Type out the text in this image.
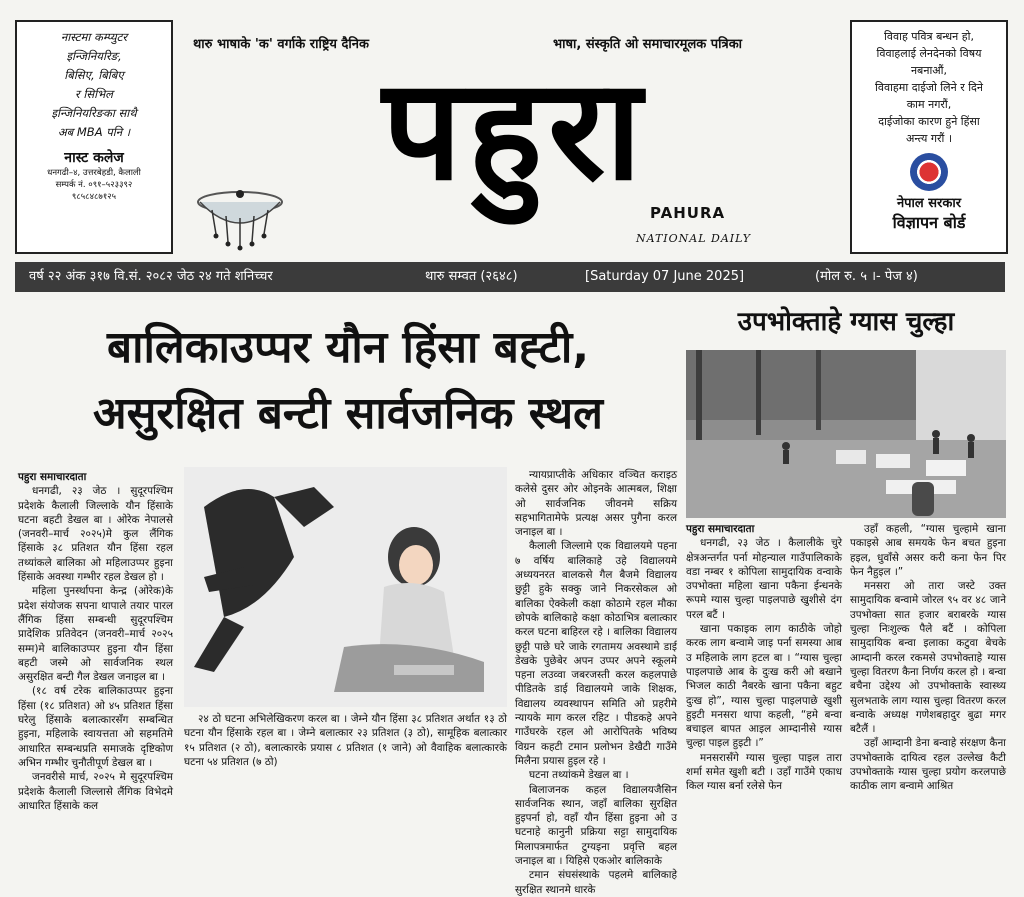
नास्टमा कम्प्युटर
इन्जिनियरिङ,
बिसिए, बिबिए
र सिभिल
इन्जिनियरिङका साथै
अब MBA पनि ।
नास्ट कलेज
धनगढी–४, उत्तरबेहडी, कैलाली
सम्पर्क नं. ०९१–५२३३९२
९८५८४८७१२५
विवाह पवित्र बन्धन हो,
विवाहलाई लेनदेनको विषय
नबनाऔं,
विवाहमा दाईजो लिने र दिने
काम नगरौं,
दाईजोका कारण हुने हिंसा
अन्त्य गरौं ।
नेपाल सरकार
विज्ञापन बोर्ड
थारु भाषाके 'क' वर्गाके राष्ट्रिय दैनिक	भाषा, संस्कृति ओ समाचारमूलक पत्रिका
पहुरा
PAHURA
NATIONAL DAILY
वर्ष २२ अंक ३१७ वि.सं. २०८२ जेठ २४ गते शनिच्चर	थारु सम्वत (२६४८)	[Saturday 07 June 2025]	(मोल रु. ५ ।- पेज ४)
बालिकाउप्पर यौन हिंसा बह्टी,
असुरक्षित बन्टी सार्वजनिक स्थल
उपभोक्ताहे ग्यास चुल्हा

पहुरा समाचारदाता

धनगढी, २३ जेठ । सुदूरपश्चिम प्रदेशके कैलाली जिल्लाके यौन हिंसाके घटना बहटी डेखल बा । ओरेक नेपालसे (जनवरी–मार्च २०२५)मे कुल लैंगिक हिंसाके ३८ प्रतिशत यौन हिंसा रहल तथ्यांकले बालिका ओ महिलाउप्पर हुइना हिंसाके अवस्था गम्भीर रहल डेखल हो ।

महिला पुनर्स्थापना केन्द्र (ओरेक)के प्रदेश संयोजक सपना थापाले तयार पारल लैंगिक हिंसा सम्बन्धी सुदूरपश्चिम प्रादेशिक प्रतिवेदन (जनवरी–मार्च २०२५ सम्म)मे बालिकाउप्पर हुइना यौन हिंसा बहटी जस्मे ओ सार्वजनिक स्थल असुरक्षित बन्टी गैल डेखल जनाइल बा ।

(१८ वर्ष टरेक बालिकाउप्पर हुइना हिंसा (१८ प्रतिशत) ओ ४५ प्रतिशत हिंसा घरेलु हिंसाके बलात्कारसँग सम्बन्धित हुइना, महिलाके स्वायत्तता ओ सहमतिमे आधारित सम्बन्धप्रति समाजके दृष्टिकोण अभिन गम्भीर चुनौतीपूर्ण डेखल बा ।

जनवरीसे मार्च, २०२५ मे सुदूरपश्चिम प्रदेशके कैलाली जिल्लासे लैंगिक विभेदमे आधारित हिंसाके कल

२४ ठो घटना अभिलेखिकरण करल बा । जेम्ने यौन हिंसा ३८ प्रतिशत अर्थात १३ ठो घटना यौन हिंसाके रहल बा । जेम्ने बलात्कार २३ प्रतिशत (३ ठो), सामूहिक बलात्कार १५ प्रतिशत (२ ठो), बलात्कारके प्रयास ८ प्रतिशत (१ जाने) ओ वैवाहिक बलात्कारके घटना ५४ प्रतिशत (७ ठो)

न्यायप्राप्तीके अधिकार वञ्चित कराइठ कलेसे दुसर ओर ओइनके आत्मबल, शिक्षा ओ सार्वजनिक जीवनमे सक्रिय सहभागितामेफे प्रत्यक्ष असर पुगैना करल जनाइल बा ।

कैलाली जिल्लामे एक विद्यालयमे पहना ७ वर्षिय बालिकाहे उहे विद्यालयमे अध्ययनरत बालकसे गैल बैजमे विद्यालय छुट्टी हुके सक्कु जाने निकरसेकल ओ बालिका ऐक्केली कक्षा कोठामे रहल मौका छोपके बालिकाहे कक्षा कोठाभित्र बलात्कार करल घटना बाहिरल रहे । बालिका विद्यालय छुट्टी पाछे घरे जाके रगतामय अवस्थामे डाई डेखके पुछेबेर अपन उप्पर अपने स्कूलमे पहना लउव्वा जबरजस्ती करल कहलपाछे पीडितके डाई विद्यालयमे जाके शिक्षक, विद्यालय व्यवस्थापन समिति ओ प्रहरीमे न्यायके माग करल रहिट । पीडकहे अपने गाउँघरके रहल ओ आरोपितके भविष्य विग्रन कहटी टमान प्रलोभन डेखैटी गाउँमे मिलैना प्रयास हुइल रहे ।

घटना तथ्यांकमे डेखल बा ।

बिलाजनक कहल विद्यालयजैसिन सार्वजनिक स्थान, जहाँ बालिका सुरक्षित हुइपर्ना हो, वहाँ यौन हिंसा हुइना ओ उ घटनाहे कानुनी प्रक्रिया सट्टा सामुदायिक मिलापत्रमार्फत टुग्यइना प्रवृत्ति बहल जनाइल बा । यिहिसे एकओर बालिकाके

टमान संघसंस्थाके पहलमे बालिकाहे सुरक्षित स्थानमे धारके

पहुरा समाचारदाता

धनगढी, २३ जेठ । कैलालीके चुरे क्षेत्रअन्तर्गत पर्ना मोहन्याल गाउँपालिकाके वडा नम्बर १ कोपिला सामुदायिक वन्वाके उपभोक्ता महिला खाना पकैना ईन्धनके रूपमे ग्यास चुल्हा पाइलपाछे खुशीसे दंग परल बटैं ।

खाना पकाइक लाग काठीके जोहो करक लाग बन्वामे जाइ पर्ना समस्या आब उ महिलाके लाग हटल बा । “ग्यास चुल्हा पाइलपाछे आब के दुःख करी ओ बखाने भिजल काठी नैबरके खाना पकैना बहुट दुःख हो”, ग्यास चुल्हा पाइलपाछे खुशी हुइटी मनसरा थापा कहली, “हमे बन्वा बचाइल बापत आइल आम्दानीसे ग्यास चुल्हा पाइल हुइटी ।”

मनसरासँगे ग्यास चुल्हा पाइल तारा शर्मा समेत खुशी बटी । उहाँ गाउँमे एकाध किल ग्यास बर्ना रलेसे फेन

उहाँ कहली, “ग्यास चुल्हामे खाना पकाइसे आब समयके फेन बचत हुइना हइल, धुवाँसे असर करी कना फेन पिर फेन नैहुइल ।”

मनसरा ओ तारा जस्टे उक्त सामुदायिक बन्वामे जोरल ९५ वर ४८ जाने उपभोक्ता सात हजार बराबरके ग्यास चुल्हा निःशुल्क पैले बटैं । कोपिला सामुदायिक बन्वा इलाका कटुवा बेचके आम्दानी करल रकमसे उपभोक्ताहे ग्यास चुल्हा वितरण कैना निर्णय करल हो । बन्वा बचैना उद्देश्य ओ उपभोक्ताके स्वास्थ्य सुलभताके लाग ग्यास चुल्हा वितरण करल बन्वाके अध्यक्ष गणेशबहादुर बुढा मगर बटैलैं ।

उहाँ आम्दानी डेना बन्वाहे संरक्षण कैना उपभोक्ताके दायित्व रहल उल्लेख कैटी उपभोक्ताके ग्यास चुल्हा प्रयोग करलपाछे काठीक लाग बन्वामे आश्रित
